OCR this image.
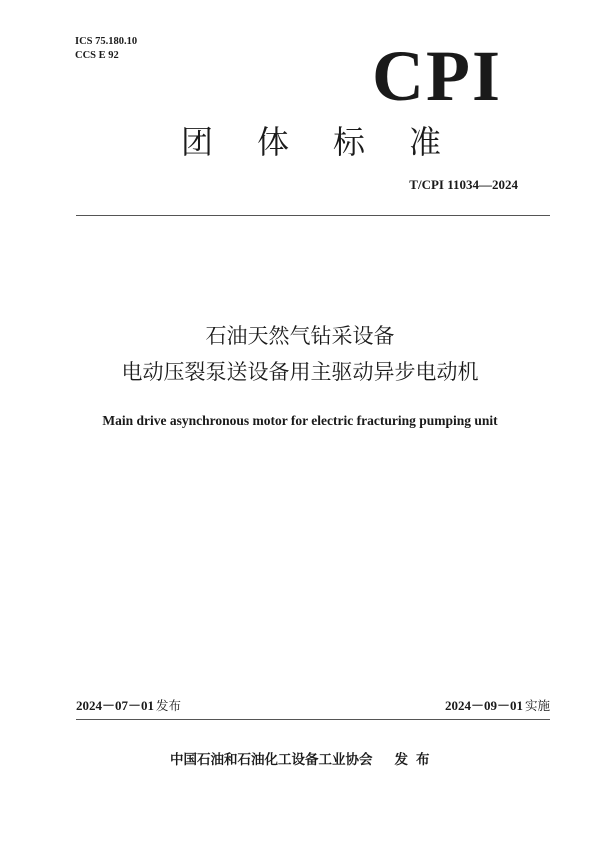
ICS 75.180.10
CCS E 92	CPI
团 体 标 准
T/CPI 11034—2024
石油天然气钻采设备
电动压裂泵送设备用主驱动异步电动机
Main drive asynchronous motor for electric fracturing pumping unit
2024－07－01 发布	2024－09－01 实施
中国石油和石油化工设备工业协会 发布
